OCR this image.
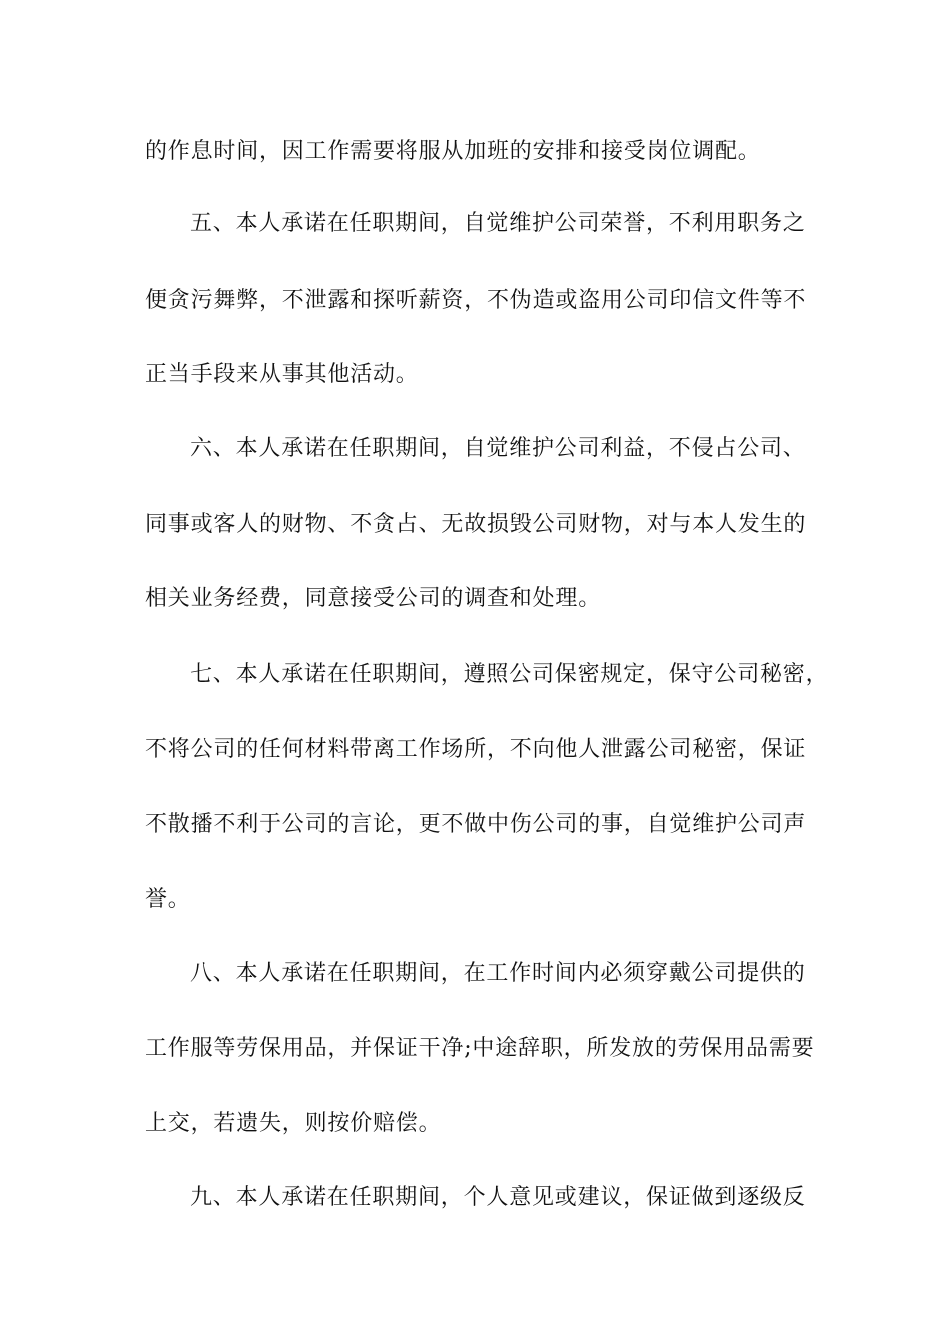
的作息时间，因工作需要将服从加班的安排和接受岗位调配。
五、本人承诺在任职期间，自觉维护公司荣誉，不利用职务之
便贪污舞弊，不泄露和探听薪资，不伪造或盗用公司印信文件等不
正当手段来从事其他活动。
六、本人承诺在任职期间，自觉维护公司利益，不侵占公司、
同事或客人的财物、不贪占、无故损毁公司财物，对与本人发生的
相关业务经费，同意接受公司的调查和处理。
七、本人承诺在任职期间，遵照公司保密规定，保守公司秘密，
不将公司的任何材料带离工作场所，不向他人泄露公司秘密，保证
不散播不利于公司的言论，更不做中伤公司的事，自觉维护公司声
誉。
八、本人承诺在任职期间，在工作时间内必须穿戴公司提供的
工作服等劳保用品，并保证干净;中途辞职，所发放的劳保用品需要
上交，若遗失，则按价赔偿。
九、本人承诺在任职期间，个人意见或建议，保证做到逐级反
